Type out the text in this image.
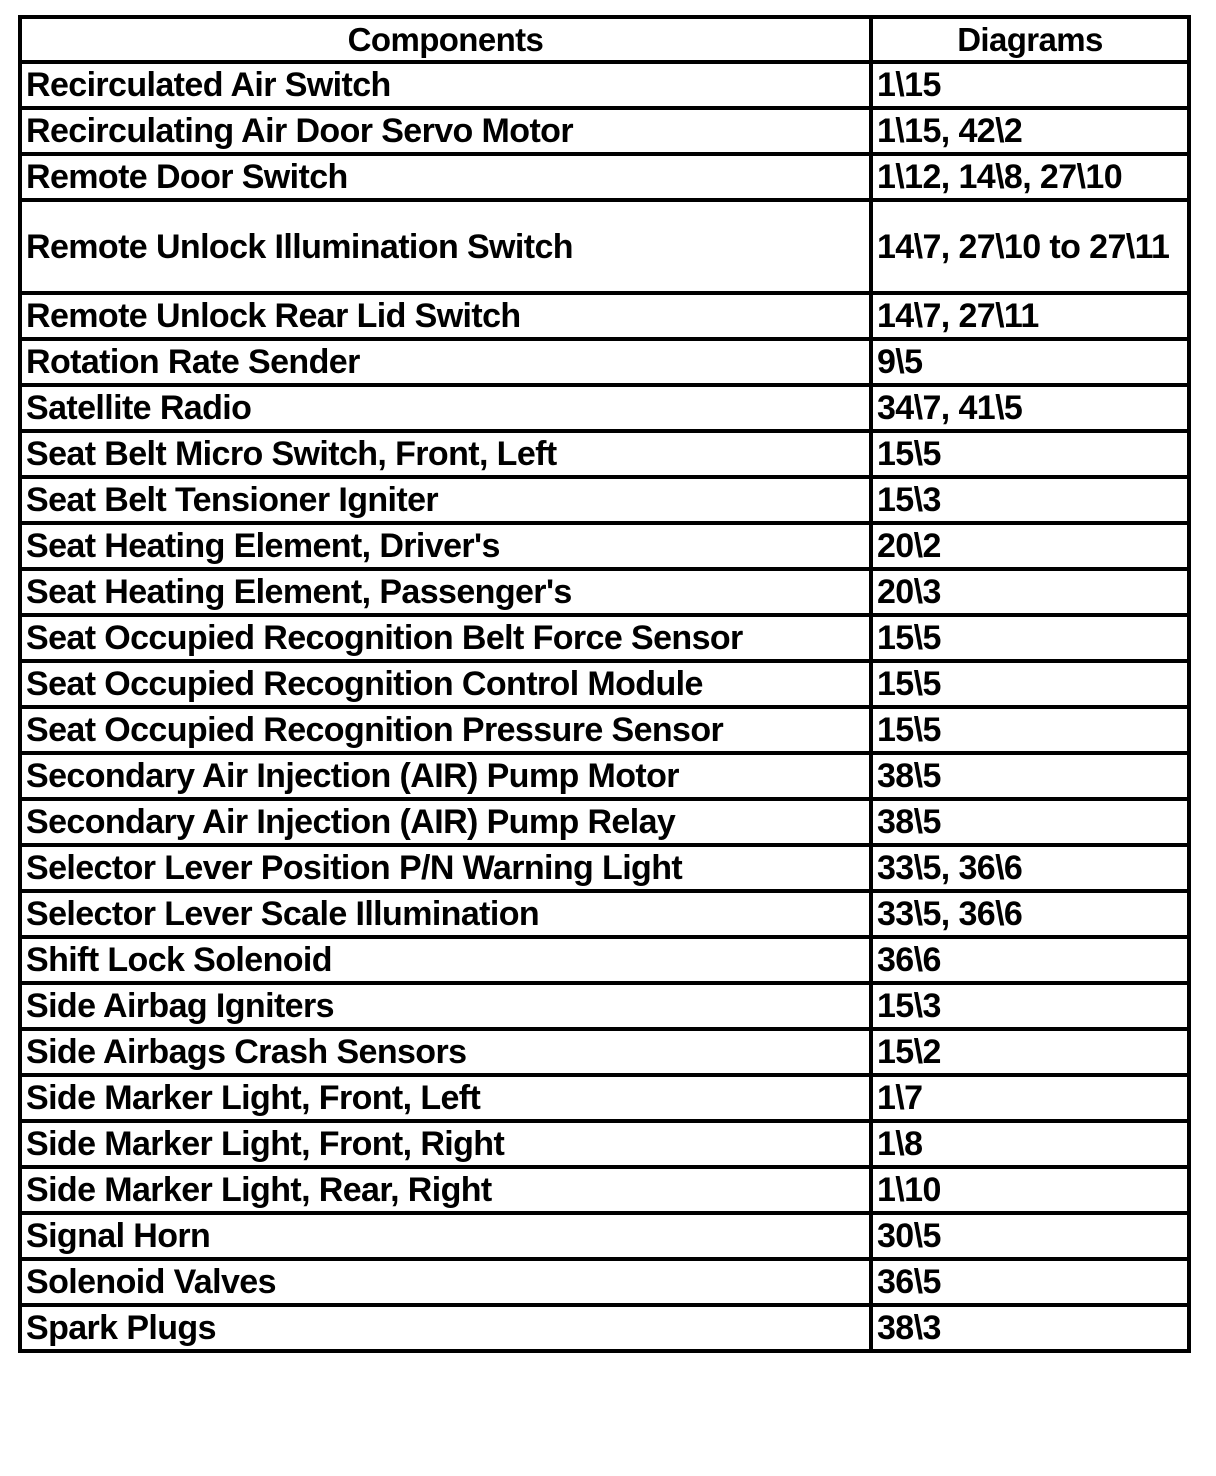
Components	Diagrams
Recirculated Air Switch	1\15
Recirculating Air Door Servo Motor	1\15, 42\2
Remote Door Switch	1\12, 14\8, 27\10
Remote Unlock Illumination Switch	14\7, 27\10 to 27\11
Remote Unlock Rear Lid Switch	14\7, 27\11
Rotation Rate Sender	9\5
Satellite Radio	34\7, 41\5
Seat Belt Micro Switch, Front, Left	15\5
Seat Belt Tensioner Igniter	15\3
Seat Heating Element, Driver's	20\2
Seat Heating Element, Passenger's	20\3
Seat Occupied Recognition Belt Force Sensor	15\5
Seat Occupied Recognition Control Module	15\5
Seat Occupied Recognition Pressure Sensor	15\5
Secondary Air Injection (AIR) Pump Motor	38\5
Secondary Air Injection (AIR) Pump Relay	38\5
Selector Lever Position P/N Warning Light	33\5, 36\6
Selector Lever Scale Illumination	33\5, 36\6
Shift Lock Solenoid	36\6
Side Airbag Igniters	15\3
Side Airbags Crash Sensors	15\2
Side Marker Light, Front, Left	1\7
Side Marker Light, Front, Right	1\8
Side Marker Light, Rear, Right	1\10
Signal Horn	30\5
Solenoid Valves	36\5
Spark Plugs	38\3
